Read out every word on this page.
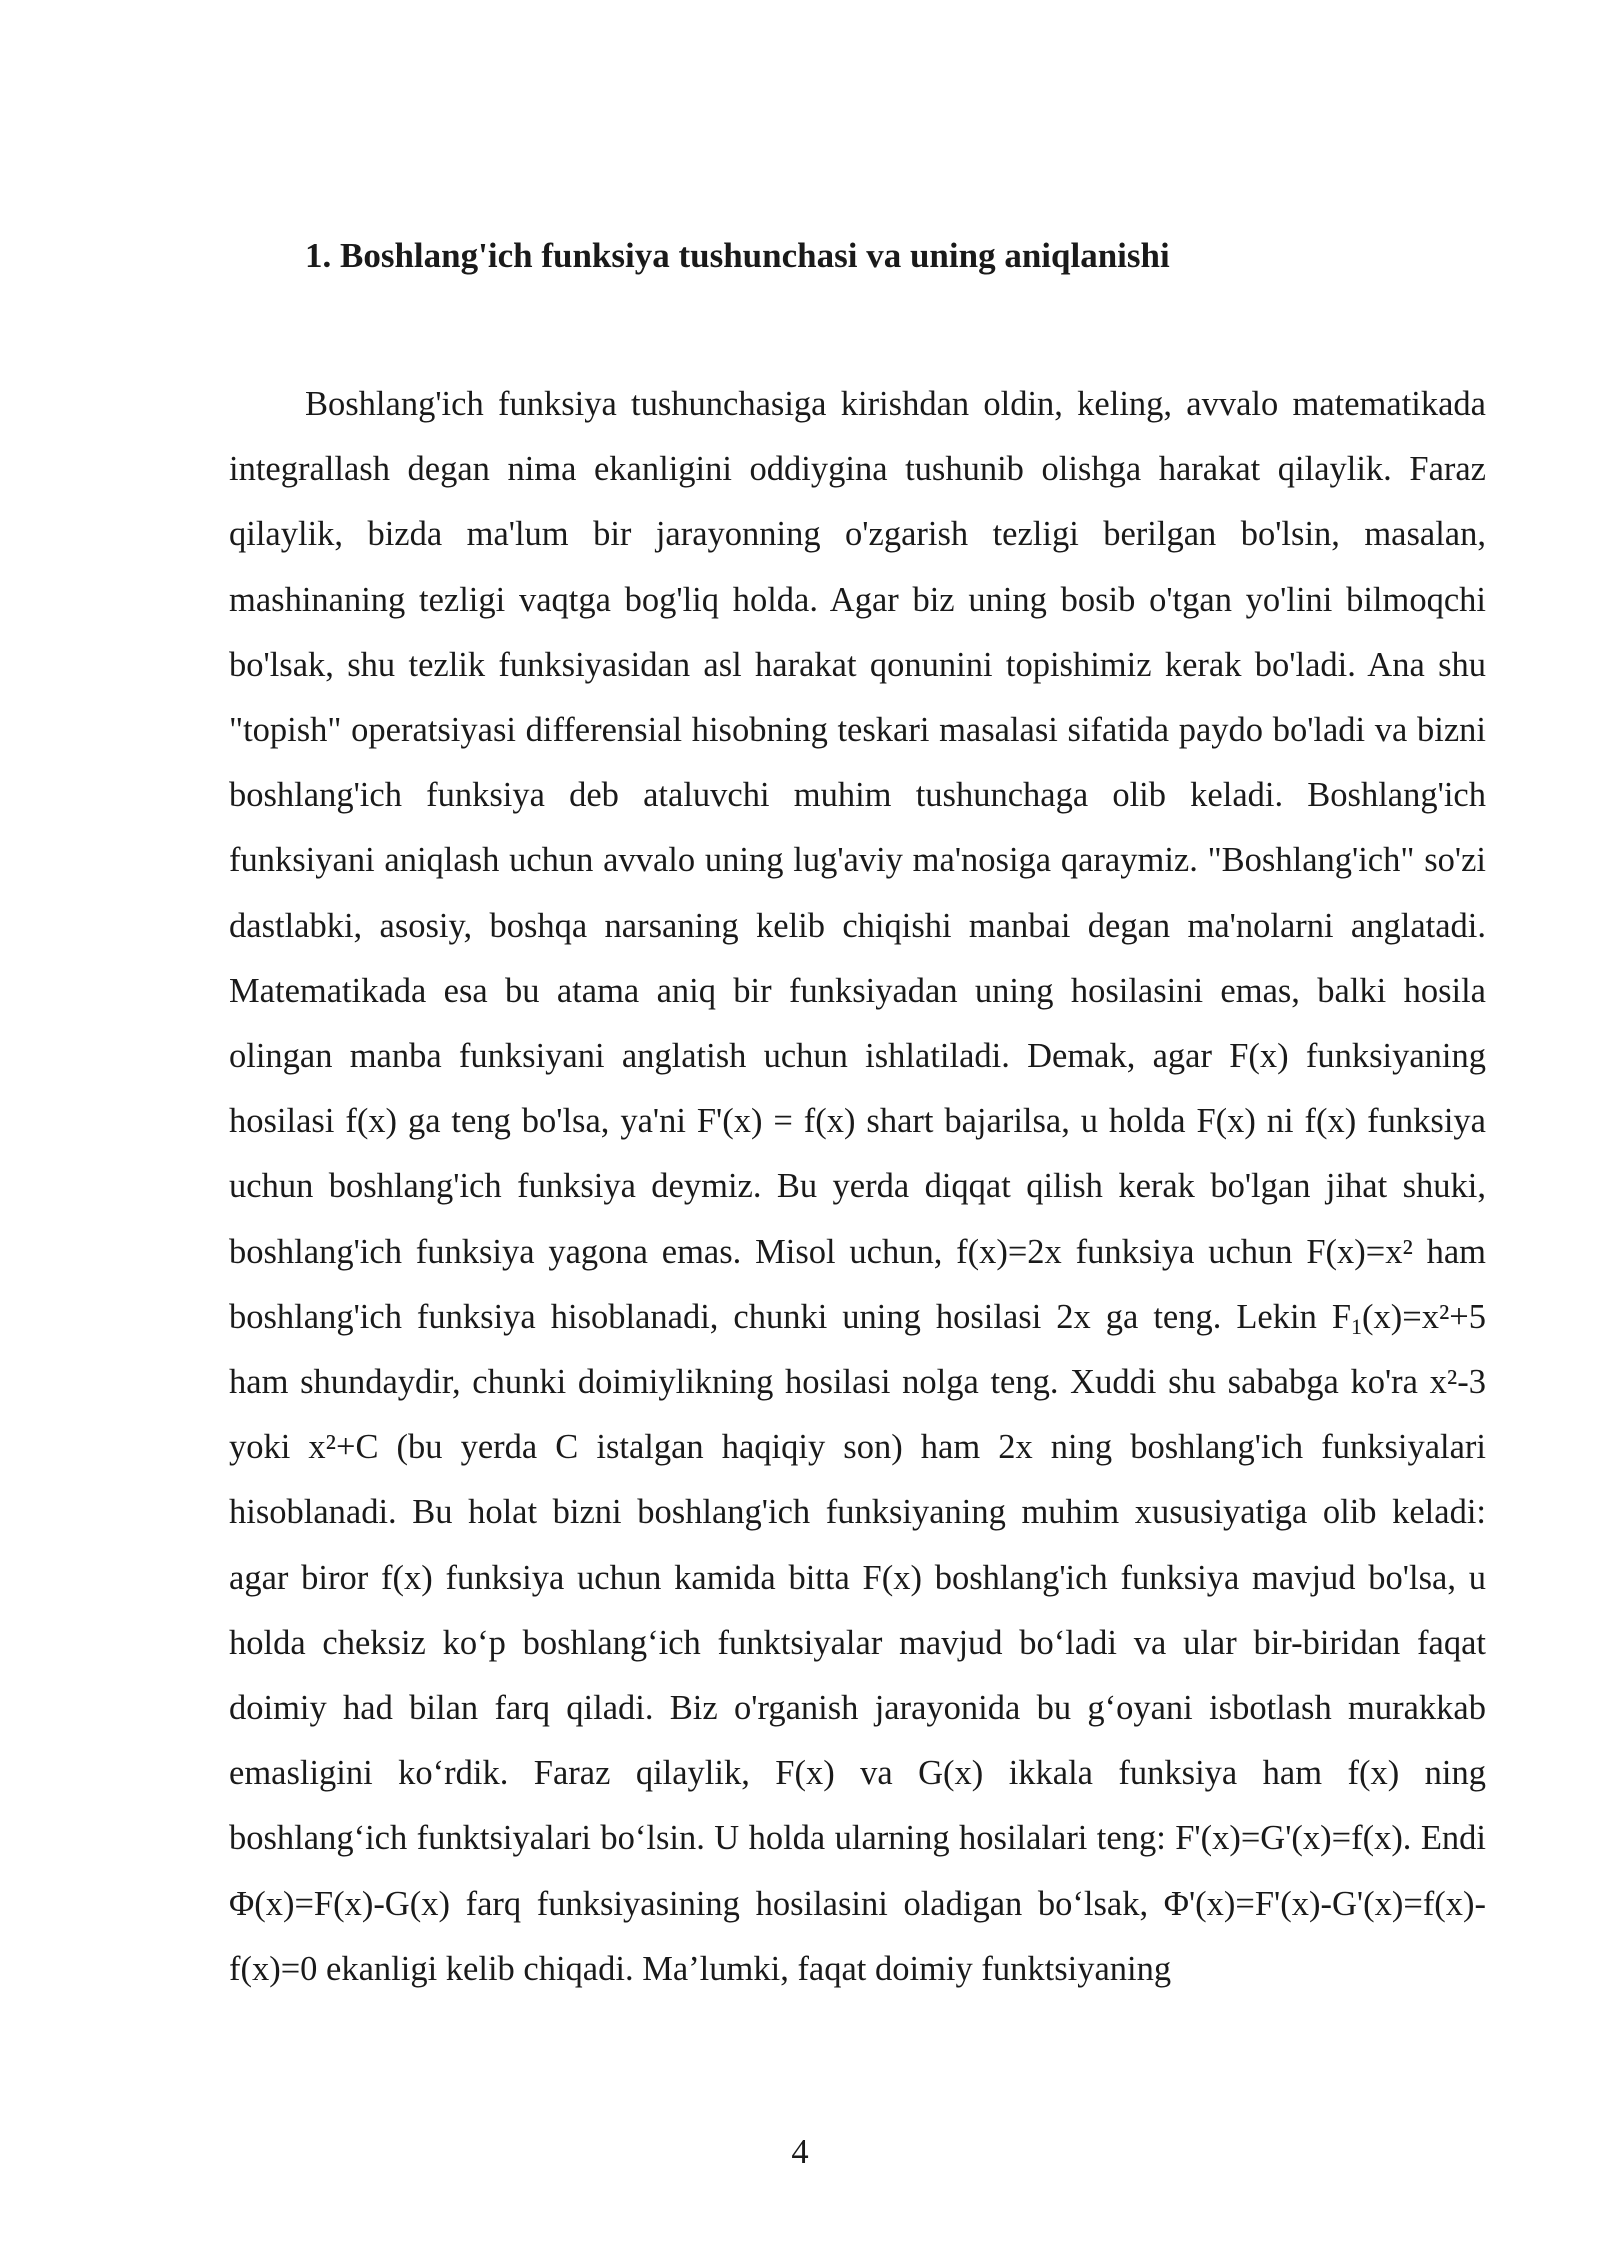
1. Boshlang'ich funksiya tushunchasi va uning aniqlanishi

Boshlang'ich funksiya tushunchasiga kirishdan oldin, keling, avvalo matematikada integrallash degan nima ekanligini oddiygina tushunib olishga harakat qilaylik. Faraz qilaylik, bizda ma'lum bir jarayonning o'zgarish tezligi berilgan bo'lsin, masalan, mashinaning tezligi vaqtga bog'liq holda. Agar biz uning bosib o'tgan yo'lini bilmoqchi bo'lsak, shu tezlik funksiyasidan asl harakat qonunini topishimiz kerak bo'ladi. Ana shu "topish" operatsiyasi differensial hisobning teskari masalasi sifatida paydo bo'ladi va bizni boshlang'ich funksiya deb ataluvchi muhim tushunchaga olib keladi. Boshlang'ich funksiyani aniqlash uchun avvalo uning lug'aviy ma'nosiga qaraymiz. "Boshlang'ich" so'zi dastlabki, asosiy, boshqa narsaning kelib chiqishi manbai degan ma'nolarni anglatadi. Matematikada esa bu atama aniq bir funksiyadan uning hosilasini emas, balki hosila olingan manba funksiyani anglatish uchun ishlatiladi. Demak, agar F(x) funksiyaning hosilasi f(x) ga teng bo'lsa, ya'ni F'(x) = f(x) shart bajarilsa, u holda F(x) ni f(x) funksiya uchun boshlang'ich funksiya deymiz. Bu yerda diqqat qilish kerak bo'lgan jihat shuki, boshlang'ich funksiya yagona emas. Misol uchun, f(x)=2x funksiya uchun F(x)=x² ham boshlang'ich funksiya hisoblanadi, chunki uning hosilasi 2x ga teng. Lekin $F_1(x)=x^2+5$ ham shundaydir, chunki doimiylikning hosilasi nolga teng. Xuddi shu sababga ko'ra x²-3 yoki x²+C (bu yerda C istalgan haqiqiy son) ham 2x ning boshlang'ich funksiyalari hisoblanadi. Bu holat bizni boshlang'ich funksiyaning muhim xususiyatiga olib keladi: agar biror f(x) funksiya uchun kamida bitta F(x) boshlang'ich funksiya mavjud bo'lsa, u holda cheksiz ko‘p boshlang‘ich funktsiyalar mavjud bo‘ladi va ular bir-biridan faqat doimiy had bilan farq qiladi. Biz o'rganish jarayonida bu g‘oyani isbotlash murakkab emasligini ko‘rdik. Faraz qilaylik, F(x) va G(x) ikkala funksiya ham f(x) ning boshlang‘ich funktsiyalari bo‘lsin. U holda ularning hosilalari teng: F'(x)=G'(x)=f(x). Endi Φ(x)=F(x)-G(x) farq funksiyasining hosilasini oladigan bo‘lsak, Φ'(x)=F'(x)-G'(x)=f(x)-f(x)=0 ekanligi kelib chiqadi. Ma’lumki, faqat doimiy funktsiyaning

4
